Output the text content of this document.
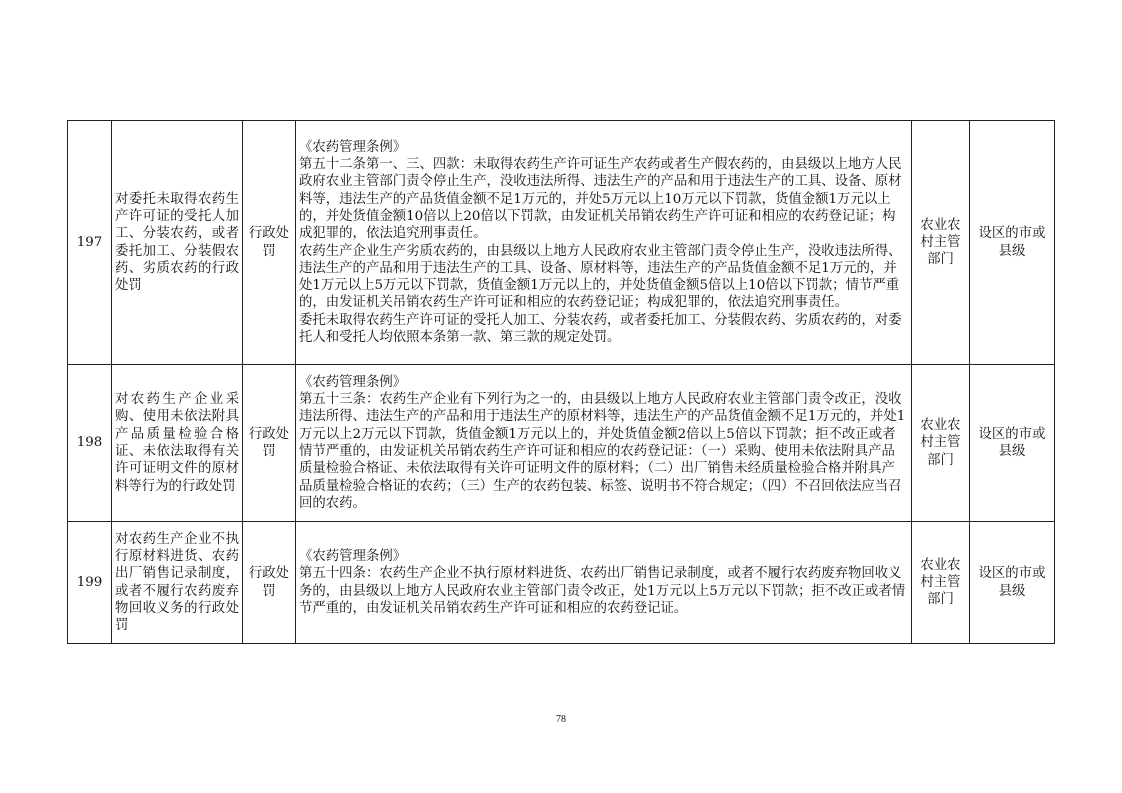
197	对委托未取得农药生产许可证的受托人加工、分装农药，或者委托加工、分装假农药、劣质农药的行政处罚	行政处罚	《农药管理条例》

第五十二条第一、三、四款：未取得农药生产许可证生产农药或者生产假农药的，由县级以上地方人民政府农业主管部门责令停止生产，没收违法所得、违法生产的产品和用于违法生产的工具、设备、原材料等，违法生产的产品货值金额不足1万元的，并处5万元以上10万元以下罚款，货值金额1万元以上的，并处货值金额10倍以上20倍以下罚款，由发证机关吊销农药生产许可证和相应的农药登记证；构成犯罪的，依法追究刑事责任。

农药生产企业生产劣质农药的，由县级以上地方人民政府农业主管部门责令停止生产，没收违法所得、违法生产的产品和用于违法生产的工具、设备、原材料等，违法生产的产品货值金额不足1万元的，并处1万元以上5万元以下罚款，货值金额1万元以上的，并处货值金额5倍以上10倍以下罚款；情节严重的，由发证机关吊销农药生产许可证和相应的农药登记证；构成犯罪的，依法追究刑事责任。

委托未取得农药生产许可证的受托人加工、分装农药，或者委托加工、分装假农药、劣质农药的，对委托人和受托人均依照本条第一款、第三款的规定处罚。	农业农村主管部门	设区的市或县级
198	对农药生产企业采购、使用未依法附具产品质量检验合格证、未依法取得有关许可证明文件的原材料等行为的行政处罚	行政处罚	《农药管理条例》

第五十三条：农药生产企业有下列行为之一的，由县级以上地方人民政府农业主管部门责令改正，没收违法所得、违法生产的产品和用于违法生产的原材料等，违法生产的产品货值金额不足1万元的，并处1万元以上2万元以下罚款，货值金额1万元以上的，并处货值金额2倍以上5倍以下罚款；拒不改正或者情节严重的，由发证机关吊销农药生产许可证和相应的农药登记证：（一）采购、使用未依法附具产品质量检验合格证、未依法取得有关许可证明文件的原材料；（二）出厂销售未经质量检验合格并附具产品质量检验合格证的农药；（三）生产的农药包装、标签、说明书不符合规定；（四）不召回依法应当召回的农药。	农业农村主管部门	设区的市或县级
199	对农药生产企业不执行原材料进货、农药出厂销售记录制度，或者不履行农药废弃物回收义务的行政处罚	行政处罚	《农药管理条例》

第五十四条：农药生产企业不执行原材料进货、农药出厂销售记录制度，或者不履行农药废弃物回收义务的，由县级以上地方人民政府农业主管部门责令改正，处1万元以上5万元以下罚款；拒不改正或者情节严重的，由发证机关吊销农药生产许可证和相应的农药登记证。	农业农村主管部门	设区的市或县级
78
